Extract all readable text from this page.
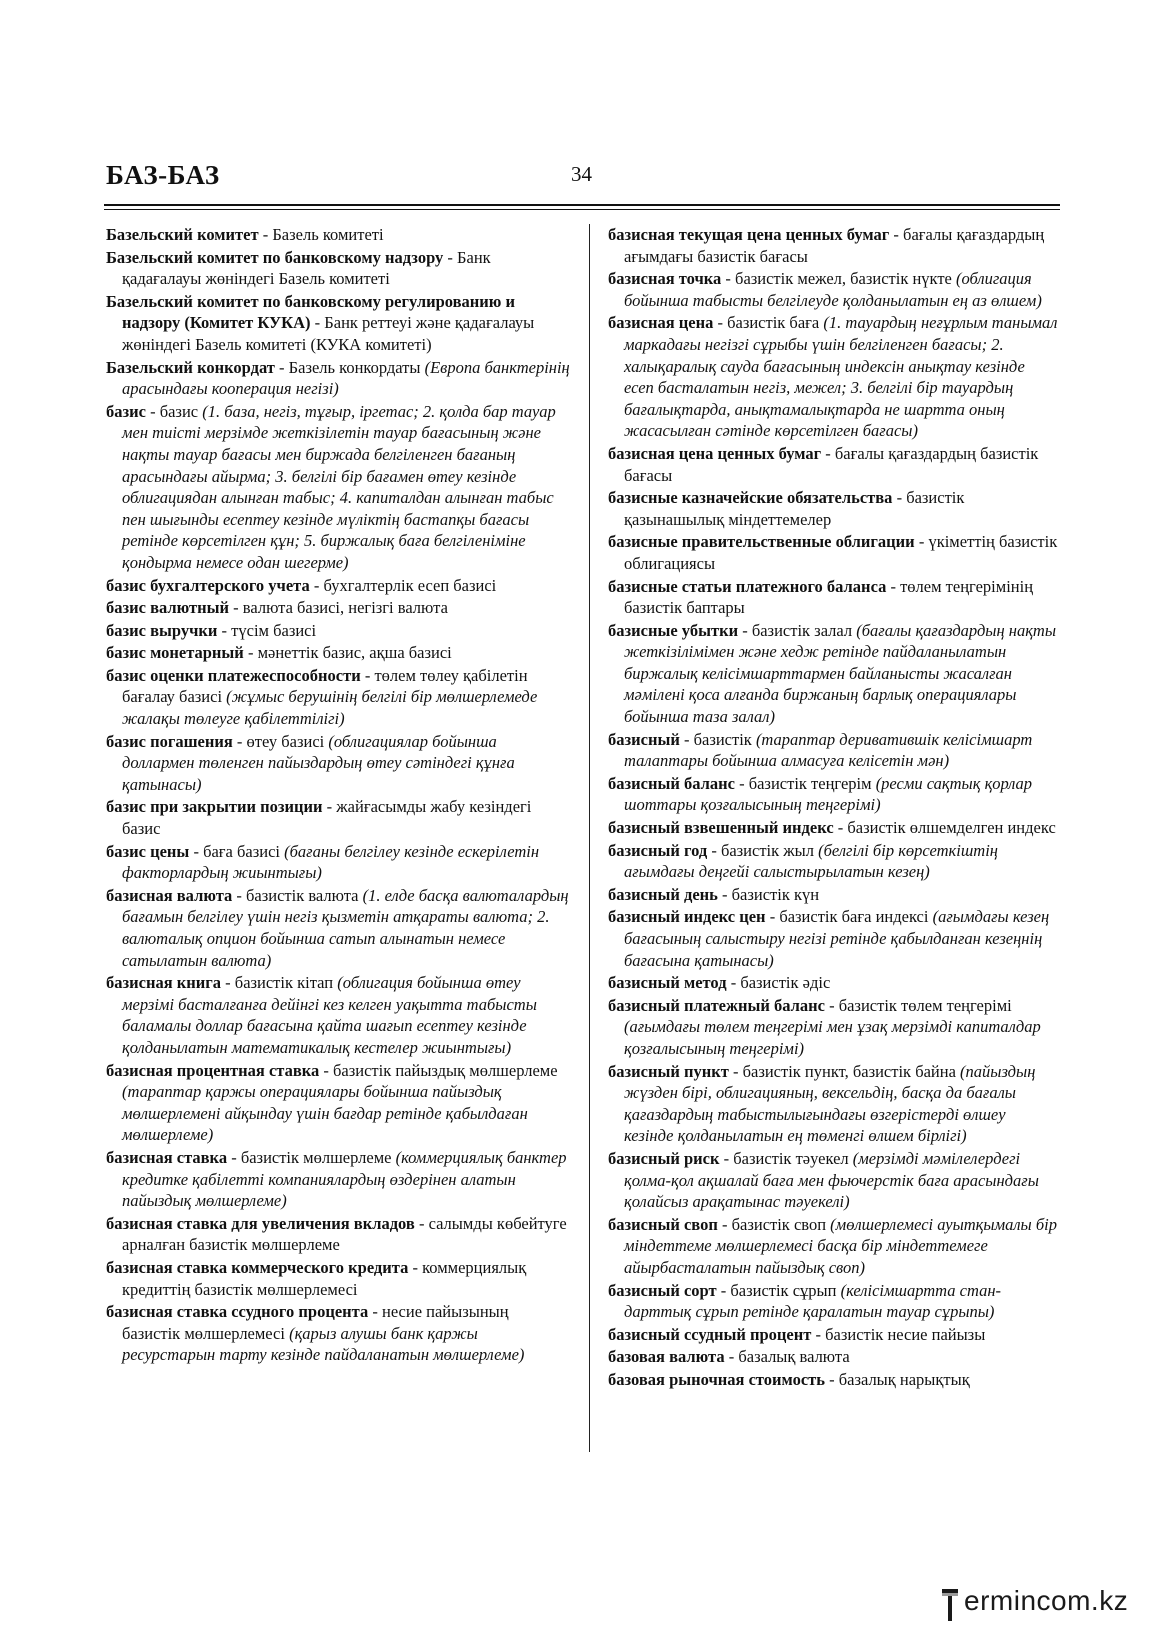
БАЗ-БАЗ	34

Базельский комитет - Базель комитеті

Базельский комитет по банковскому надзору - Банк қадағалауы жөніндегі Базель комитеті

Базельский комитет по банковскому регулированию и надзору (Комитет КУКА) - Банк реттеуі және қадағалауы жөніндегі Базель комитеті (КУКА комитеті)

Базельский конкордат - Базель конкордаты (Европа банктерінің арасындағы кооперация негізі)

базис - базис (1. база, негіз, тұғыр, іргетас; 2. қолда бар тауар мен тиісті мерзімде жеткізілетін тауар бағасының және нақты тауар бағасы мен биржада белгіленген бағаның арасындағы айырма; 3. белгілі бір бағамен өтеу кезінде облигациядан алынған табыс; 4. капиталдан алынған табыс пен шығынды есептеу кезінде мүліктің бастапқы бағасы ретінде көрсетілген құн; 5. биржалық баға белгіленіміне қондырма немесе одан шегерме)

базис бухгалтерского учета - бухгалтерлік есеп базисі

базис валютный - валюта базисі, негізгі валюта

базис выручки - түсім базисі

базис монетарный - мәнеттік базис, ақша базисі

базис оценки платежеспособности - төлем төлеу қабілетін бағалау базисі (жұмыс берушінің белгілі бір мөлшерлемеде жалақы төлеуге қабілеттілігі)

базис погашения - өтеу базисі (облигациялар бойынша доллармен төленген пайыздардың өтеу сәтіндегі құнға қатынасы)

базис при закрытии позиции - жайғасымды жабу кезіндегі базис

базис цены - баға базисі (бағаны белгілеу кезінде ескерілетін факторлардың жиынтығы)

базисная валюта - базистік валюта (1. елде басқа валюталардың бағамын белгілеу үшін негіз қызметін атқараты валюта; 2. валюталық опцион бойынша сатып алынатын немесе сатылатын валюта)

базисная книга - базистік кітап (облигация бойынша өтеу мерзімі басталғанға дейінгі кез келген уақытта табысты баламалы доллар бағасына қайта шағып есептеу кезінде қолданылатын математикалық кестелер жиынтығы)

базисная процентная ставка - базистік пайыздық мөлшерлеме (тараптар қаржы операциялары бойынша пайыздық мөлшерлемені айқындау үшін бағдар ретінде қабылдаған мөлшерлеме)

базисная ставка - базистік мөлшерлеме (коммерциялық банктер кредитке қабілетті компаниялардың өздерінен алатын пайыздық мөлшерлеме)

базисная ставка для увеличения вкладов - салымды көбейтуге арналған базистік мөлшерлеме

базисная ставка коммерческого кредита - коммерциялық кредиттің базистік мөлшерлемесі

базисная ставка ссудного процента - несие пайызының базистік мөлшерлемесі (қарыз алушы банк қаржы ресурстарын тарту кезінде пайдаланатын мөлшерлеме)

базисная текущая цена ценных бумаг - бағалы қағаздардың ағымдағы базистік бағасы

базисная точка - базистік межел, базистік нүкте (облигация бойынша табысты белгілеуде қолданылатын ең аз өлшем)

базисная цена - базистік баға (1. тауардың неғұрлым танымал маркадағы негізгі сұрыбы үшін белгіленген бағасы; 2. халықаралық сауда бағасының индексін анықтау кезінде есеп басталатын негіз, межел; 3. белгілі бір тауардың бағалықтарда, анықтамалықтарда не шартта оның жасасылған сәтінде көрсетілген бағасы)

базисная цена ценных бумаг - бағалы қағаздардың базистік бағасы

базисные казначейские обязательства - базистік қазынашылық міндеттемелер

базисные правительственные облигации - үкіметтің базистік облигациясы

базисные статьи платежного баланса - төлем теңгерімінің базистік баптары

базисные убытки - базистік залал (бағалы қағаздардың нақты жеткізілімімен және хедж ретінде пайдаланылатын биржалық келісімшарттармен байланысты жасалған мәмілені қоса алғанда биржаның барлық операциялары бойынша таза залал)

базисный - базистік (тараптар дериватившік келісімшарт талаптары бойынша алмасуға келісетін мән)

базисный баланс - базистік теңгерім (ресми сақтық қорлар шоттары қозғалысының теңгерімі)

базисный взвешенный индекс - базистік өлшемделген индекс

базисный год - базистік жыл (белгілі бір көрсеткіштің ағымдағы деңгейі салыстырылатын кезең)

базисный день - базистік күн

базисный индекс цен - базистік баға индексі (ағымдағы кезең бағасының салыстыру негізі ретінде қабылданған кезеңнің бағасына қатынасы)

базисный метод - базистік әдіс

базисный платежный баланс - базистік төлем теңгерімі (ағымдағы төлем теңгерімі мен ұзақ мерзімді капиталдар қозғалысының теңгерімі)

базисный пункт - базистік пункт, базистік байна (пайыздың жүзден бірі, облигацияның, вексельдің, басқа да бағалы қағаздардың табыстылығындағы өзгерістерді өлшеу кезінде қолданылатын ең төменгі өлшем бірлігі)

базисный риск - базистік тәуекел (мерзімді мәмілелердегі қолма-қол ақшалай баға мен фьючерстік баға арасындағы қолайсыз арақатынас тәуекелі)

базисный своп - базистік своп (мөлшерлемесі ауытқымалы бір міндеттеме мөлшерлемесі басқа бір міндеттемеге айырбасталатын пайыздық своп)

базисный сорт - базистік сұрып (келісімшартта стандарттық сұрып ретінде қаралатын тауар сұрыпы)

базисный ссудный процент - базистік несие пайызы

базовая валюта - базалық валюта

базовая рыночная стоимость - базалық нарықтық

ermincom.kz
